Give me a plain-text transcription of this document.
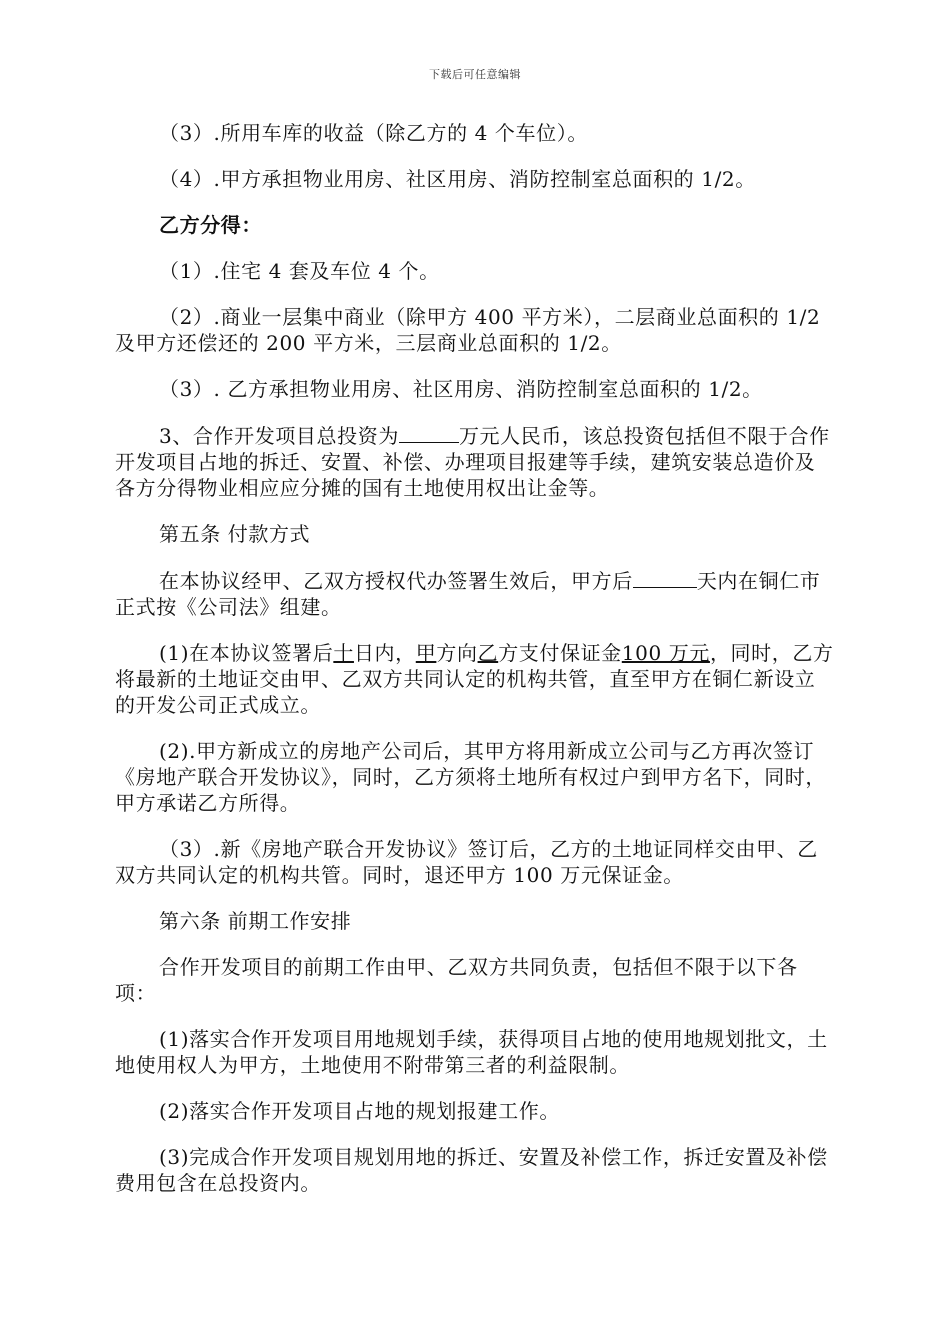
下载后可任意编辑

（3）.所用车库的收益（除乙方的 4 个车位）。

（4）.甲方承担物业用房、社区用房、消防控制室总面积的 1/2。

乙方分得：

（1）.住宅 4 套及车位 4 个。

（2）.商业一层集中商业（除甲方 400 平方米），二层商业总面积的 1/2 及甲方还偿还的 200 平方米，三层商业总面积的 1/2。

（3）. 乙方承担物业用房、社区用房、消防控制室总面积的 1/2。

3、合作开发项目总投资为	万元人民币，该总投资包括但不限于合作开发项目占地的拆迁、安置、补偿、办理项目报建等手续，建筑安装总造价及各方分得物业相应应分摊的国有土地使用权出让金等。

第五条 付款方式

在本协议经甲、乙双方授权代办签署生效后，甲方后	天内在铜仁市正式按《公司法》组建。

(1)在本协议签署后十日内，甲方向乙方支付保证金100 万元，同时，乙方将最新的土地证交由甲、乙双方共同认定的机构共管，直至甲方在铜仁新设立的开发公司正式成立。

(2).甲方新成立的房地产公司后，其甲方将用新成立公司与乙方再次签订《房地产联合开发协议》，同时，乙方须将土地所有权过户到甲方名下，同时，甲方承诺乙方所得。

（3）.新《房地产联合开发协议》签订后，乙方的土地证同样交由甲、乙双方共同认定的机构共管。同时，退还甲方 100 万元保证金。

第六条 前期工作安排

合作开发项目的前期工作由甲、乙双方共同负责，包括但不限于以下各项：

(1)落实合作开发项目用地规划手续，获得项目占地的使用地规划批文，土地使用权人为甲方，土地使用不附带第三者的利益限制。

(2)落实合作开发项目占地的规划报建工作。

(3)完成合作开发项目规划用地的拆迁、安置及补偿工作，拆迁安置及补偿费用包含在总投资内。
